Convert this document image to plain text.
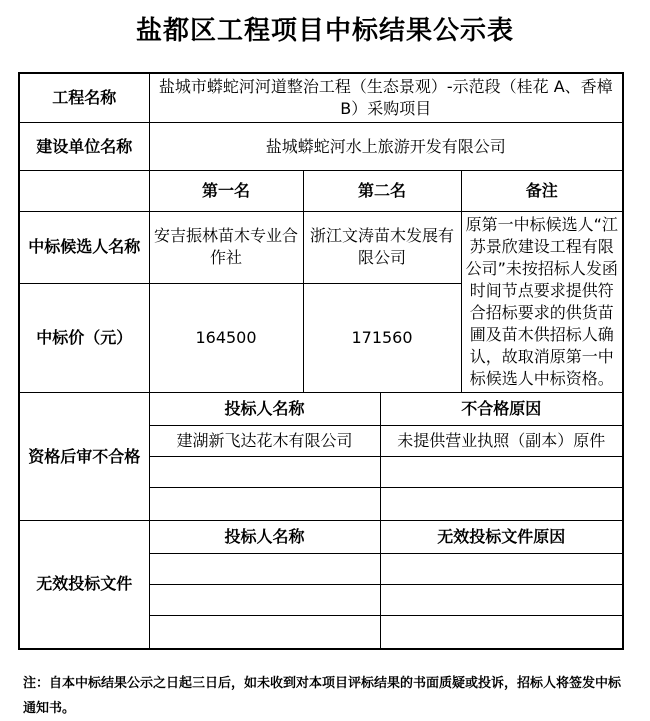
盐都区工程项目中标结果公示表
工程名称	盐城市蟒蛇河河道整治工程（生态景观）-示范段（桂花 A、香樟 B）采购项目			
建设单位名称	盐城蟒蛇河水上旅游开发有限公司			
	第一名	第二名		备注
中标候选人名称	安吉振林苗木专业合作社	浙江文涛苗木发展有限公司		原第一中标候选人“江苏景欣建设工程有限公司”未按招标人发函时间节点要求提供符合招标要求的供货苗圃及苗木供招标人确认，故取消原第一中标候选人中标资格。
中标价（元）	164500	171560		
资格后审不合格	投标人名称		不合格原因	
	建湖新飞达花木有限公司		未提供营业执照（副本）原件	

无效投标文件	投标人名称		无效投标文件原因	

注：自本中标结果公示之日起三日后，如未收到对本项目评标结果的书面质疑或投诉，招标人将签发中标通知书。
